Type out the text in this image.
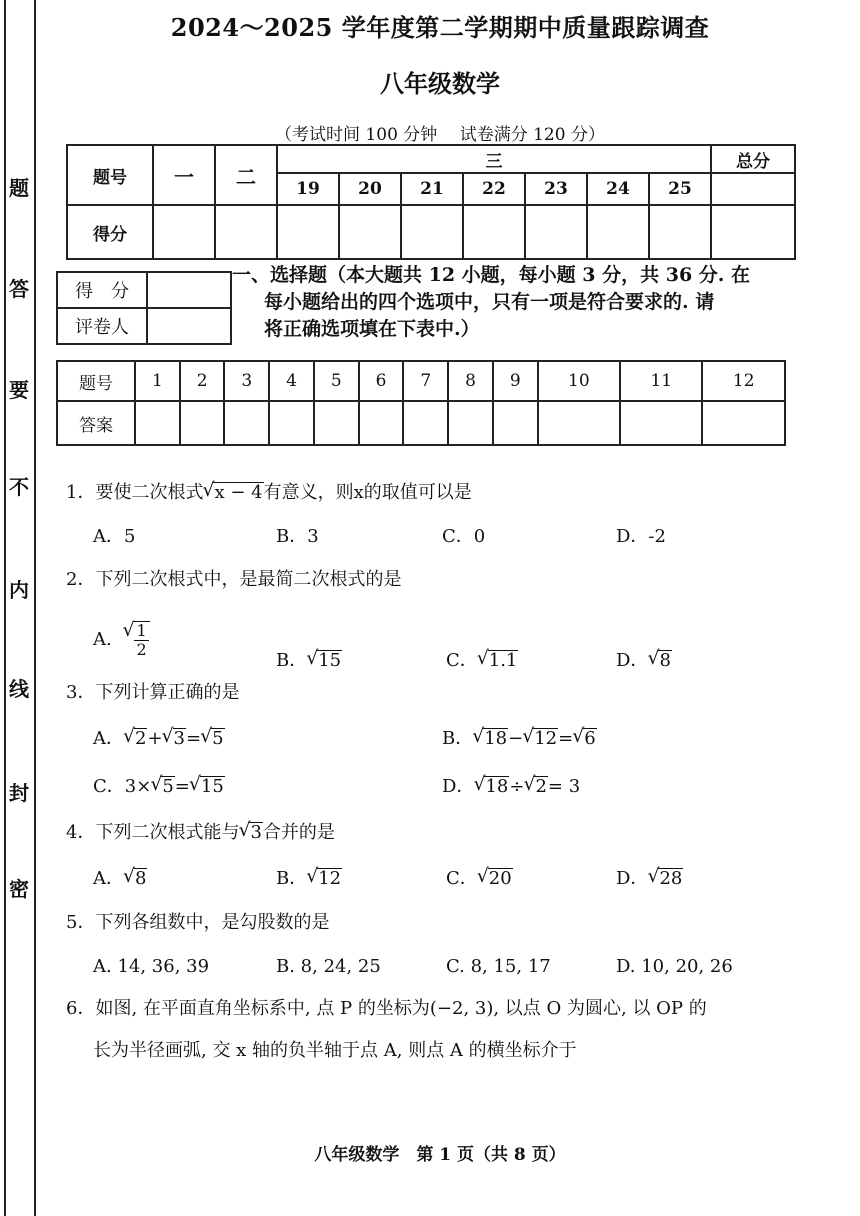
题
答
要
不
内
线
封
密
2024～2025 学年度第二学期期中质量跟踪调查
八年级数学
（考试时间 100 分钟　 试卷满分 120 分）
题号	一	二	三							总分
			19	20	21	22	23	24	25	
得分										
得　分	
评卷人	
一、选择题（本大题共 12 小题，每小题 3 分，共 36 分. 在
每小题给出的四个选项中，只有一项是符合要求的. 请
将正确选项填在下表中.）
题号	1	2	3	4	5	6	7	8	9	10	11	12
答案												
1．要使二次根式 √ x − 4有意义，则x的取值可以是
A．5	B．3	C．0	D．-2
2．下列二次根式中，是最简二次根式的是
A. √ $\frac{1}{2}$
B． √ 15	C． √ 1.1	D． √ 8
3．下列计算正确的是
A． √ 2+ √ 3= √ 5	B． √ 18− √ 12= √ 6
C．3× √ 5= √ 15	D． √ 18÷ √ 2= 3
4．下列二次根式能与 √ 3合并的是
A． √ 8	B． √ 12	C． √ 20	D． √ 28
5．下列各组数中，是勾股数的是
A. 14, 36, 39	B. 8, 24, 25	C. 8, 15, 17	D. 10, 20, 26
6．如图, 在平面直角坐标系中, 点 P 的坐标为(−2, 3), 以点 O 为圆心, 以 OP 的
长为半径画弧, 交 x 轴的负半轴于点 A, 则点 A 的横坐标介于
八年级数学　第 1 页（共 8 页）
